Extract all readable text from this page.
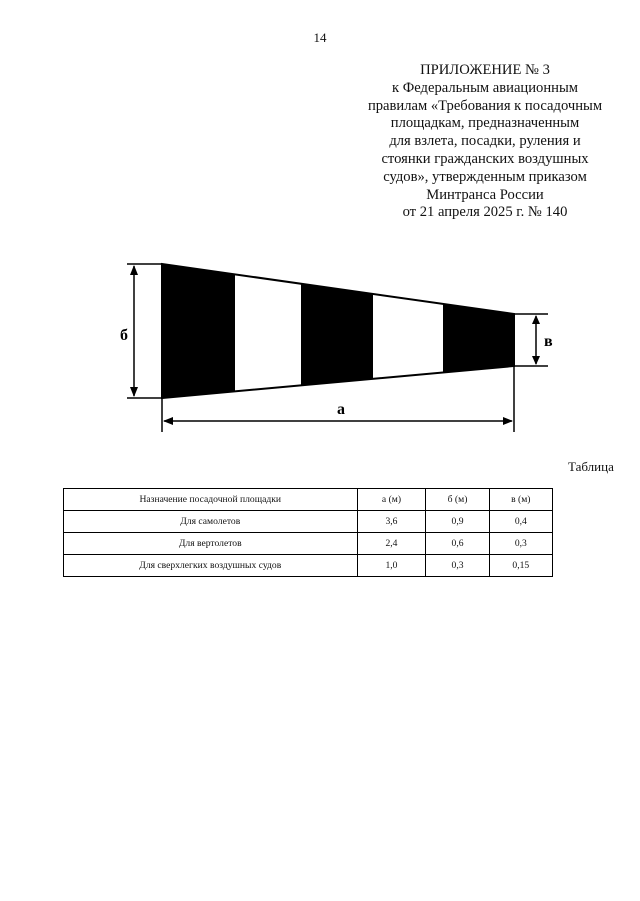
14
ПРИЛОЖЕНИЕ № 3
к Федеральным авиационным
правилам «Требования к посадочным
площадкам, предназначенным
для взлета, посадки, руления и
стоянки гражданских воздушных
судов», утвержденным приказом
Минтранса России
от 21 апреля 2025 г. № 140
б	в
а
Таблица
Назначение посадочной площадки	а (м)	б (м)	в (м)
Для самолетов	3,6	0,9	0,4
Для вертолетов	2,4	0,6	0,3
Для сверхлегких воздушных судов	1,0	0,3	0,15
